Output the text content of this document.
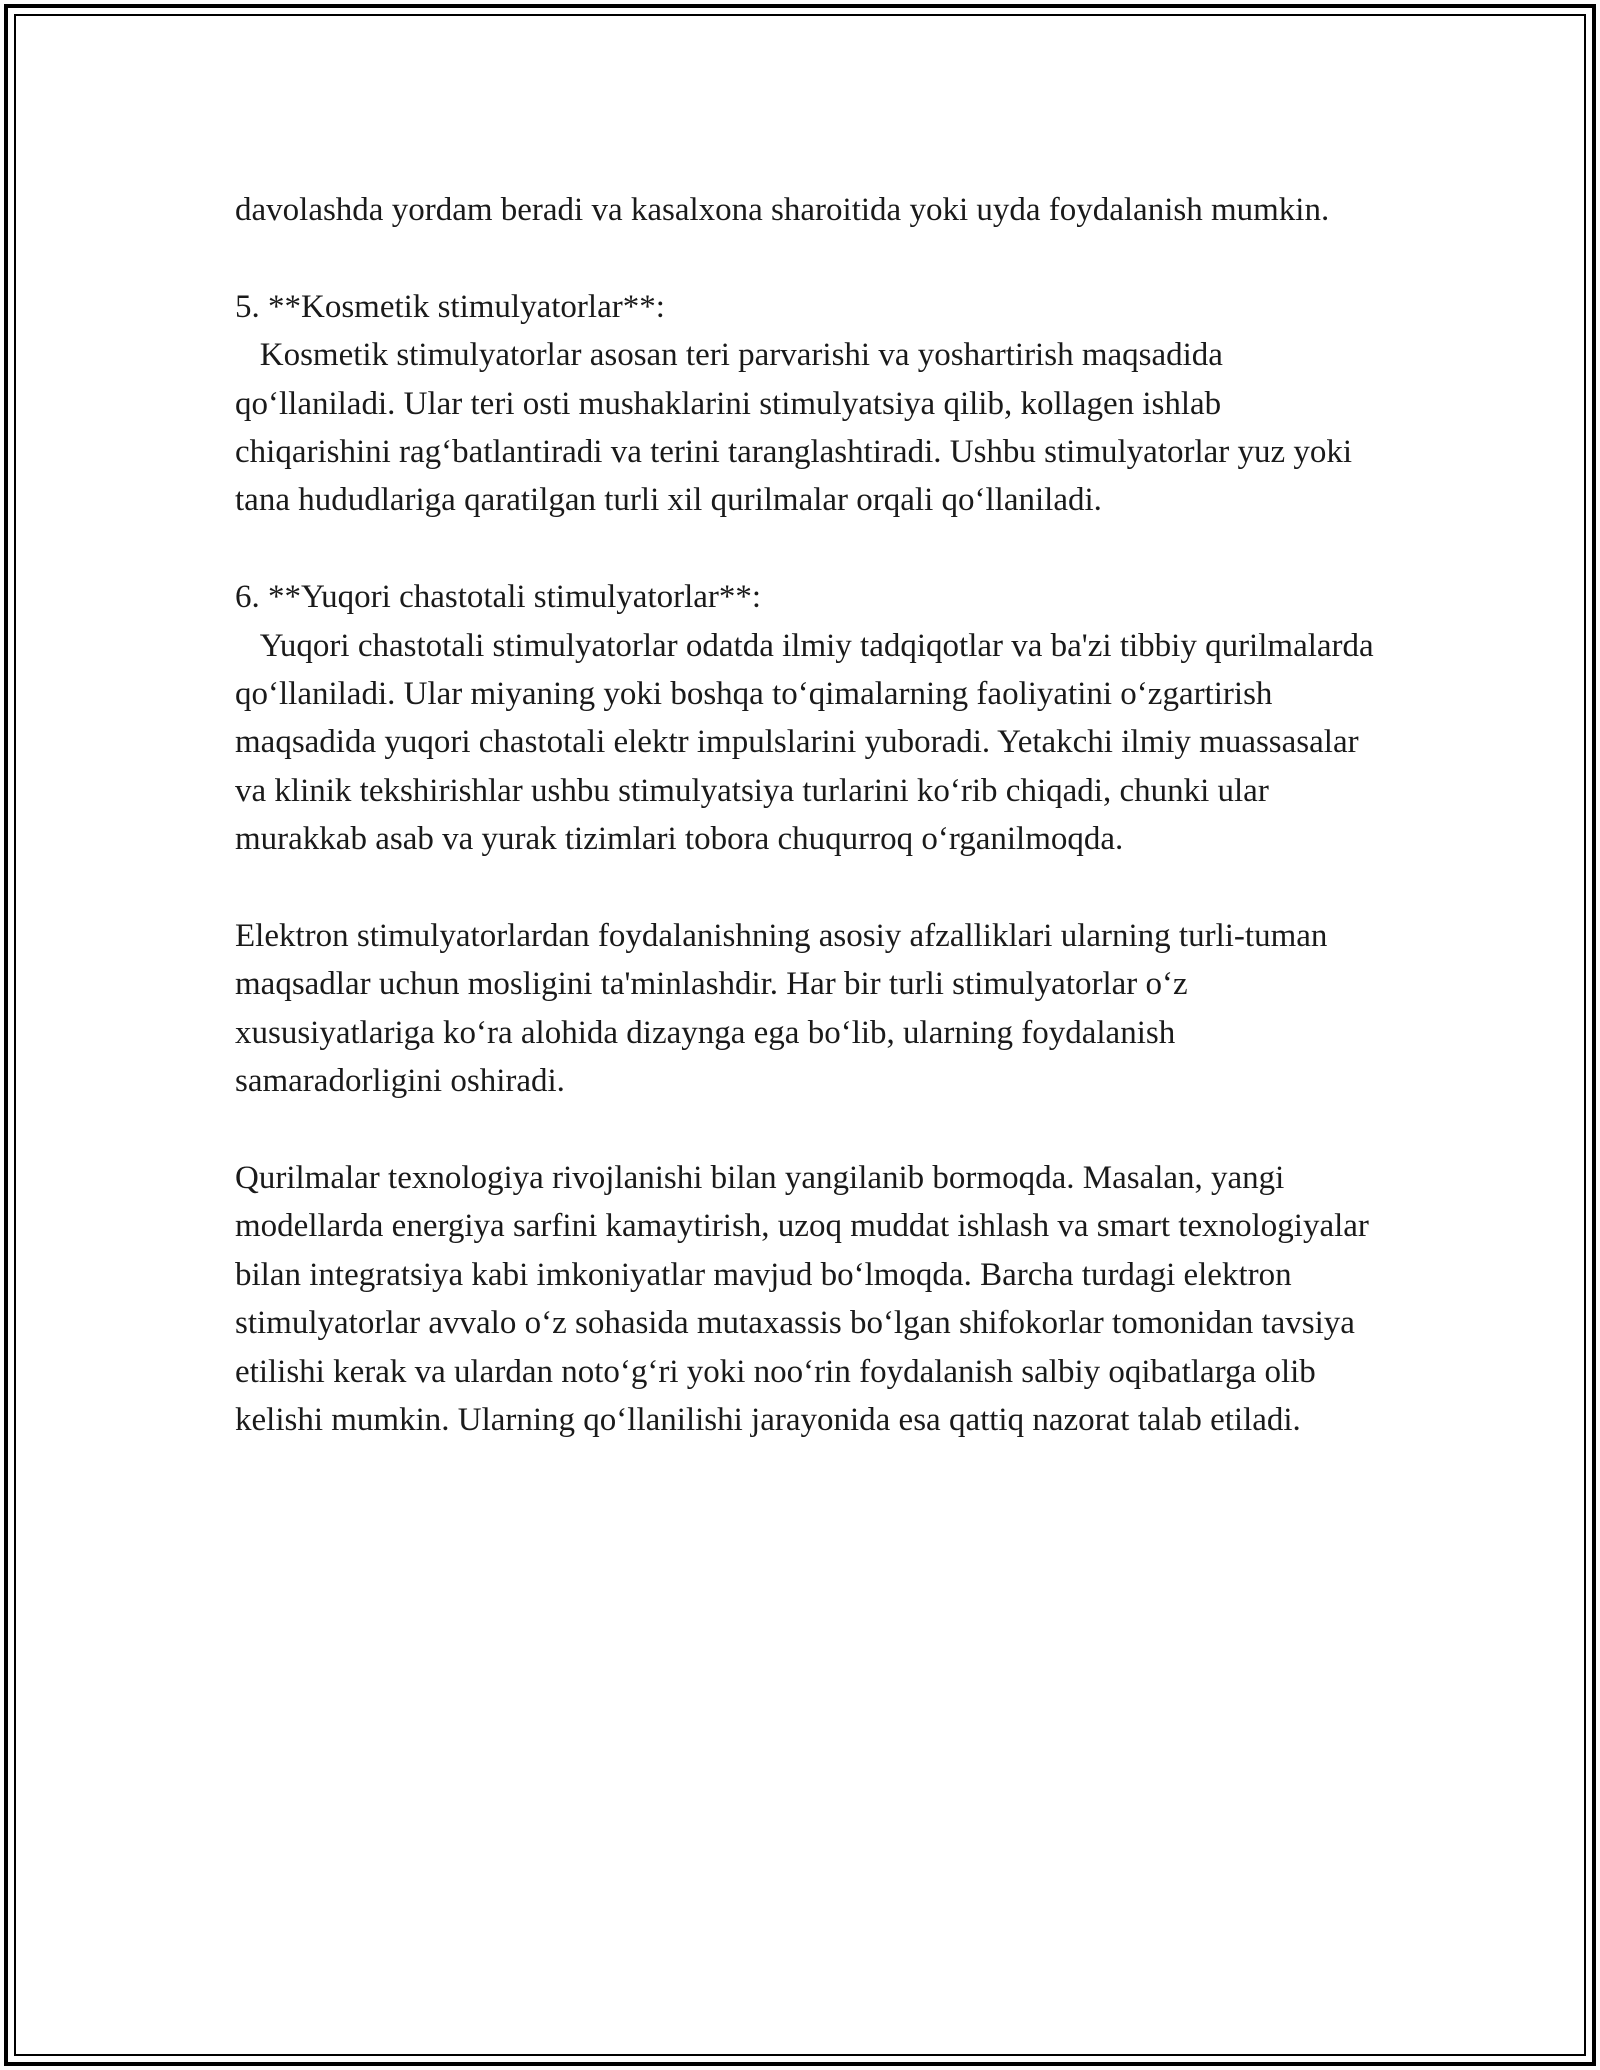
davolashda yordam beradi va kasalxona sharoitida yoki uyda foydalanish mumkin.

5. **Kosmetik stimulyatorlar**:
Kosmetik stimulyatorlar asosan teri parvarishi va yoshartirish maqsadida qo‘llaniladi. Ular teri osti mushaklarini stimulyatsiya qilib, kollagen ishlab chiqarishini rag‘batlantiradi va terini taranglashtiradi. Ushbu stimulyatorlar yuz yoki tana hududlariga qaratilgan turli xil qurilmalar orqali qo‘llaniladi.

6. **Yuqori chastotali stimulyatorlar**:
Yuqori chastotali stimulyatorlar odatda ilmiy tadqiqotlar va ba'zi tibbiy qurilmalarda qo‘llaniladi. Ular miyaning yoki boshqa to‘qimalarning faoliyatini o‘zgartirish maqsadida yuqori chastotali elektr impulslarini yuboradi. Yetakchi ilmiy muassasalar va klinik tekshirishlar ushbu stimulyatsiya turlarini ko‘rib chiqadi, chunki ular murakkab asab va yurak tizimlari tobora chuqurroq o‘rganilmoqda.

Elektron stimulyatorlardan foydalanishning asosiy afzalliklari ularning turli-tuman maqsadlar uchun mosligini ta'minlashdir. Har bir turli stimulyatorlar o‘z xususiyatlariga ko‘ra alohida dizaynga ega bo‘lib, ularning foydalanish samaradorligini oshiradi.

Qurilmalar texnologiya rivojlanishi bilan yangilanib bormoqda. Masalan, yangi modellarda energiya sarfini kamaytirish, uzoq muddat ishlash va smart texnologiyalar bilan integratsiya kabi imkoniyatlar mavjud bo‘lmoqda. Barcha turdagi elektron stimulyatorlar avvalo o‘z sohasida mutaxassis bo‘lgan shifokorlar tomonidan tavsiya etilishi kerak va ulardan noto‘g‘ri yoki noo‘rin foydalanish salbiy oqibatlarga olib kelishi mumkin. Ularning qo‘llanilishi jarayonida esa qattiq nazorat talab etiladi.
